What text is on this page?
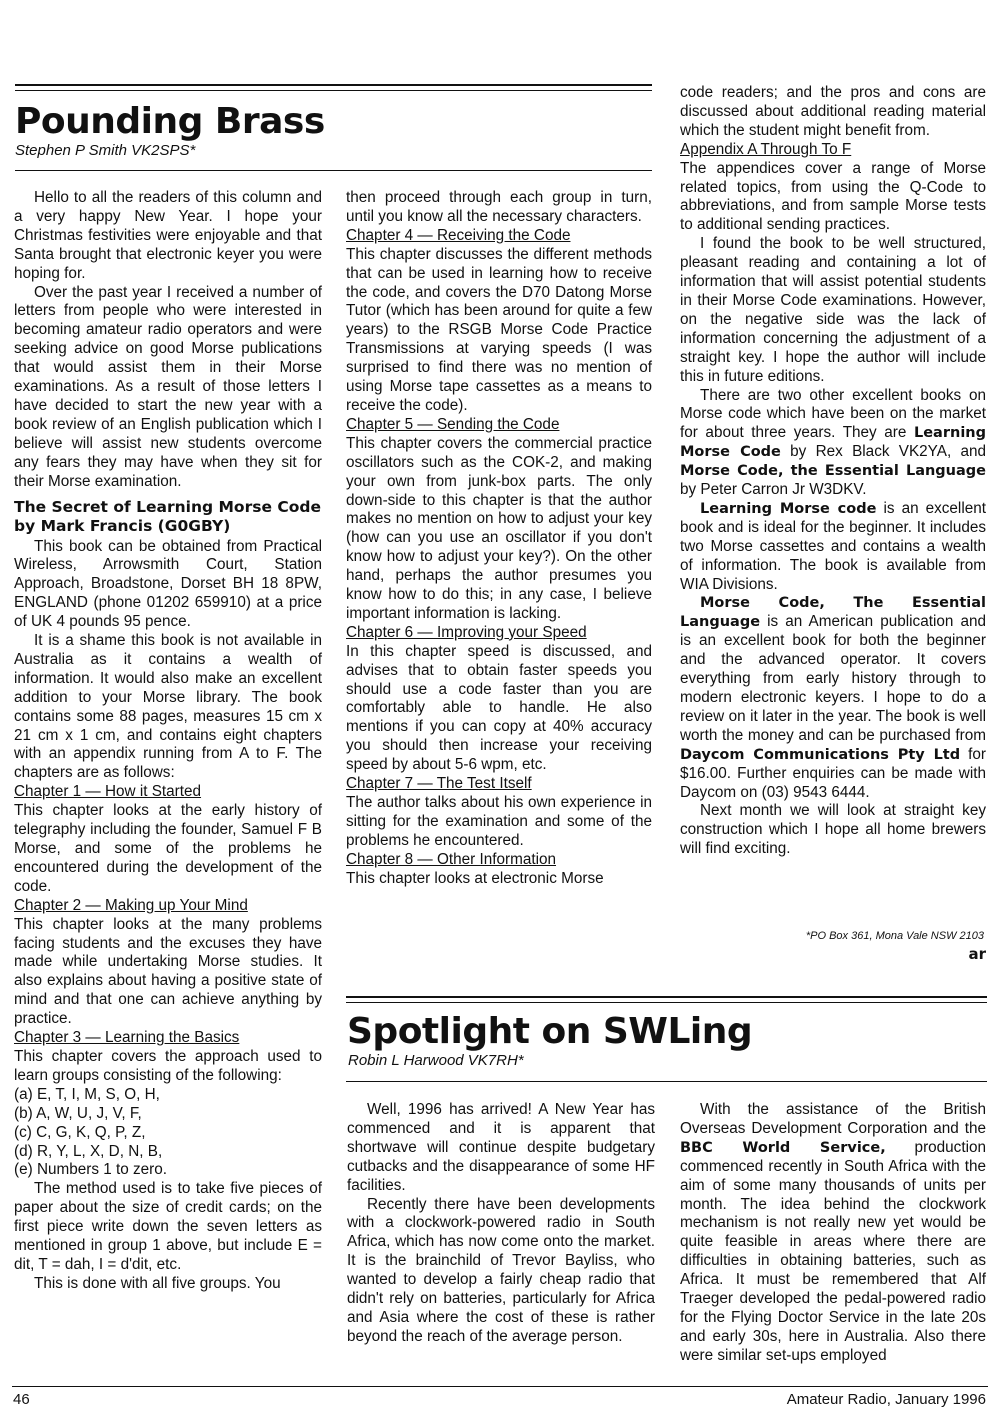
Pounding Brass

Stephen P Smith VK2SPS*

Hello to all the readers of this column and a very happy New Year. I hope your Christmas festivities were enjoyable and that Santa brought that electronic keyer you were hoping for.

Over the past year I received a number of letters from people who were interested in becoming amateur radio operators and were seeking advice on good Morse publications that would assist them in their Morse examinations. As a result of those letters I have decided to start the new year with a book review of an English publication which I believe will assist new students overcome any fears they may have when they sit for their Morse examination.

The Secret of Learning Morse Code by Mark Francis (G0GBY)

This book can be obtained from Practical Wireless, Arrowsmith Court, Station Approach, Broadstone, Dorset BH 18 8PW, ENGLAND (phone 01202 659910) at a price of UK 4 pounds 95 pence.

It is a shame this book is not available in Australia as it contains a wealth of information. It would also make an excellent addition to your Morse library. The book contains some 88 pages, measures 15 cm x 21 cm x 1 cm, and contains eight chapters with an appendix running from A to F. The chapters are as follows:

Chapter 1 — How it Started

This chapter looks at the early history of telegraphy including the founder, Samuel F B Morse, and some of the problems he encountered during the development of the code.

Chapter 2 — Making up Your Mind

This chapter looks at the many problems facing students and the excuses they have made while undertaking Morse studies. It also explains about having a positive state of mind and that one can achieve anything by practice.

Chapter 3 — Learning the Basics

This chapter covers the approach used to learn groups consisting of the following:

(a) E, T, I, M, S, O, H,

(b) A, W, U, J, V, F,

(c) C, G, K, Q, P, Z,

(d) R, Y, L, X, D, N, B,

(e) Numbers 1 to zero.

The method used is to take five pieces of paper about the size of credit cards; on the first piece write down the seven letters as mentioned in group 1 above, but include E = dit, T = dah, I = d'dit, etc.

This is done with all five groups. You

then proceed through each group in turn, until you know all the necessary characters.

Chapter 4 — Receiving the Code

This chapter discusses the different methods that can be used in learning how to receive the code, and covers the D70 Datong Morse Tutor (which has been around for quite a few years) to the RSGB Morse Code Practice Transmissions at varying speeds (I was surprised to find there was no mention of using Morse tape cassettes as a means to receive the code).

Chapter 5 — Sending the Code

This chapter covers the commercial practice oscillators such as the COK-2, and making your own from junk-box parts. The only down-side to this chapter is that the author makes no mention on how to adjust your key (how can you use an oscillator if you don't know how to adjust your key?). On the other hand, perhaps the author presumes you know how to do this; in any case, I believe important information is lacking.

Chapter 6 — Improving your Speed

In this chapter speed is discussed, and advises that to obtain faster speeds you should use a code faster than you are comfortably able to handle. He also mentions if you can copy at 40% accuracy you should then increase your receiving speed by about 5-6 wpm, etc.

Chapter 7 — The Test Itself

The author talks about his own experience in sitting for the examination and some of the problems he encountered.

Chapter 8 — Other Information

This chapter looks at electronic Morse

code readers; and the pros and cons are discussed about additional reading material which the student might benefit from.

Appendix A Through To F

The appendices cover a range of Morse related topics, from using the Q-Code to abbreviations, and from sample Morse tests to additional sending practices.

I found the book to be well structured, pleasant reading and containing a lot of information that will assist potential students in their Morse Code examinations. However, on the negative side was the lack of information concerning the adjustment of a straight key. I hope the author will include this in future editions.

There are two other excellent books on Morse code which have been on the market for about three years. They are Learning Morse Code by Rex Black VK2YA, and Morse Code, the Essential Language by Peter Carron Jr W3DKV.

Learning Morse code is an excellent book and is ideal for the beginner. It includes two Morse cassettes and contains a wealth of information. The book is available from WIA Divisions.

Morse Code, The Essential Language is an American publication and is an excellent book for both the beginner and the advanced operator. It covers everything from early history through to modern electronic keyers. I hope to do a review on it later in the year. The book is well worth the money and can be purchased from Daycom Communications Pty Ltd for $16.00. Further enquiries can be made with Daycom on (03) 9543 6444.

Next month we will look at straight key construction which I hope all home brewers will find exciting.

*PO Box 361, Mona Vale NSW 2103
ar
Spotlight on SWLing

Robin L Harwood VK7RH*

Well, 1996 has arrived! A New Year has commenced and it is apparent that shortwave will continue despite budgetary cutbacks and the disappearance of some HF facilities.

Recently there have been developments with a clockwork-powered radio in South Africa, which has now come onto the market. It is the brainchild of Trevor Bayliss, who wanted to develop a fairly cheap radio that didn't rely on batteries, particularly for Africa and Asia where the cost of these is rather beyond the reach of the average person.

With the assistance of the British Overseas Development Corporation and the BBC World Service, production commenced recently in South Africa with the aim of some many thousands of units per month. The idea behind the clockwork mechanism is not really new yet would be quite feasible in areas where there are difficulties in obtaining batteries, such as Africa. It must be remembered that Alf Traeger developed the pedal-powered radio for the Flying Doctor Service in the late 20s and early 30s, here in Australia. Also there were similar set-ups employed

46	Amateur Radio, January 1996
